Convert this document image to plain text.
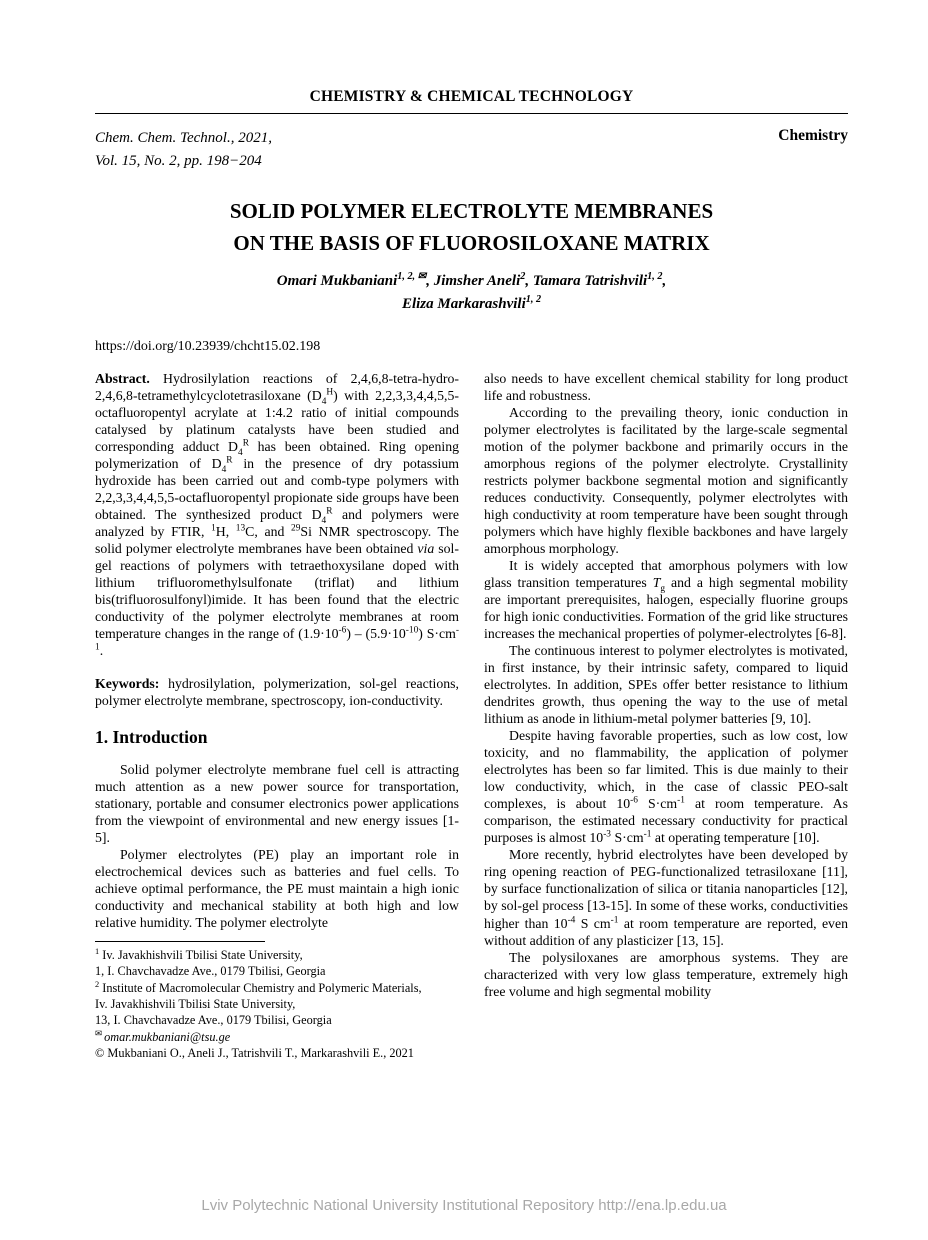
CHEMISTRY & CHEMICAL TECHNOLOGY
Chem. Chem. Technol., 2021,
Vol. 15, No. 2, pp. 198−204
Chemistry
SOLID POLYMER ELECTROLYTE MEMBRANES
ON THE BASIS OF FLUOROSILOXANE MATRIX
Omari Mukbaniani$^{1, 2, ✉}$, Jimsher Aneli$^2$, Tamara Tatrishvili$^{1, 2}$,
Eliza Markarashvili$^{1, 2}$
https://doi.org/10.23939/chcht15.02.198

Abstract. Hydrosilylation reactions of 2,4,6,8-tetra-hydro-2,4,6,8-tetramethylcyclotetrasiloxane $(D_4^H)$ with 2,2,3,3,4,4,5,5-octafluoropentyl acrylate at 1:4.2 ratio of initial compounds catalysed by platinum catalysts have been studied and corresponding adduct $D_4^R$ has been obtained. Ring opening polymerization of $D_4^R$ in the presence of dry potassium hydroxide has been carried out and comb-type polymers with 2,2,3,3,4,4,5,5-octafluoropentyl propionate side groups have been obtained. The synthesized product $D_4^R$ and polymers were analyzed by FTIR, $^1$H, $^{13}$C, and $^{29}$Si NMR spectroscopy. The solid polymer electrolyte membranes have been obtained via sol-gel reactions of polymers with tetraethoxysilane doped with lithium trifluoromethylsulfonate (triflat) and lithium bis(trifluorosulfonyl)imide. It has been found that the electric conductivity of the polymer electrolyte membranes at room temperature changes in the range of $(1.9\cdot 10^{-6}) - (5.9\cdot 10^{-10})$ $S\cdot cm^{-1}$.

Keywords: hydrosilylation, polymerization, sol-gel reactions, polymer electrolyte membrane, spectroscopy, ion-conductivity.

1. Introduction

Solid polymer electrolyte membrane fuel cell is attracting much attention as a new power source for transportation, stationary, portable and consumer electronics power applications from the viewpoint of environmental and new energy issues [1-5].

Polymer electrolytes (PE) play an important role in electrochemical devices such as batteries and fuel cells. To achieve optimal performance, the PE must maintain a high ionic conductivity and mechanical stability at both high and low relative humidity. The polymer electrolyte

$^1$ Iv. Javakhishvili Tbilisi State University,

1, I. Chavchavadze Ave., 0179 Tbilisi, Georgia

$^2$ Institute of Macromolecular Chemistry and Polymeric Materials,

Iv. Javakhishvili Tbilisi State University,

13, I. Chavchavadze Ave., 0179 Tbilisi, Georgia

✉ omar.mukbaniani@tsu.ge

© Mukbaniani O., Aneli J., Tatrishvili T., Markarashvili E., 2021

also needs to have excellent chemical stability for long product life and robustness.

According to the prevailing theory, ionic conduction in polymer electrolytes is facilitated by the large-scale segmental motion of the polymer backbone and primarily occurs in the amorphous regions of the polymer electrolyte. Crystallinity restricts polymer backbone segmental motion and significantly reduces conductivity. Consequently, polymer electrolytes with high conductivity at room temperature have been sought through polymers which have highly flexible backbones and have largely amorphous morphology.

It is widely accepted that amorphous polymers with low glass transition temperatures $T_g$ and a high segmental mobility are important prerequisites, halogen, especially fluorine groups for high ionic conductivities. Formation of the grid like structures increases the mechanical properties of polymer-electrolytes [6-8].

The continuous interest to polymer electrolytes is motivated, in first instance, by their intrinsic safety, compared to liquid electrolytes. In addition, SPEs offer better resistance to lithium dendrites growth, thus opening the way to the use of metal lithium as anode in lithium-metal polymer batteries [9, 10].

Despite having favorable properties, such as low cost, low toxicity, and no flammability, the application of polymer electrolytes has been so far limited. This is due mainly to their low conductivity, which, in the case of classic PEO-salt complexes, is about $10^{-6}$ $S\cdot cm^{-1}$ at room temperature. As comparison, the estimated necessary conductivity for practical purposes is almost $10^{-3}$ $S\cdot cm^{-1}$ at operating temperature [10].

More recently, hybrid electrolytes have been developed by ring opening reaction of PEG-functionalized tetrasiloxane [11], by surface functionalization of silica or titania nanoparticles [12], by sol-gel process [13-15]. In some of these works, conductivities higher than $10^{-4}$ S $cm^{-1}$ at room temperature are reported, even without addition of any plasticizer [13, 15].

The polysiloxanes are amorphous systems. They are characterized with very low glass temperature, extremely high free volume and high segmental mobility

Lviv Polytechnic National University Institutional Repository http://ena.lp.edu.ua
